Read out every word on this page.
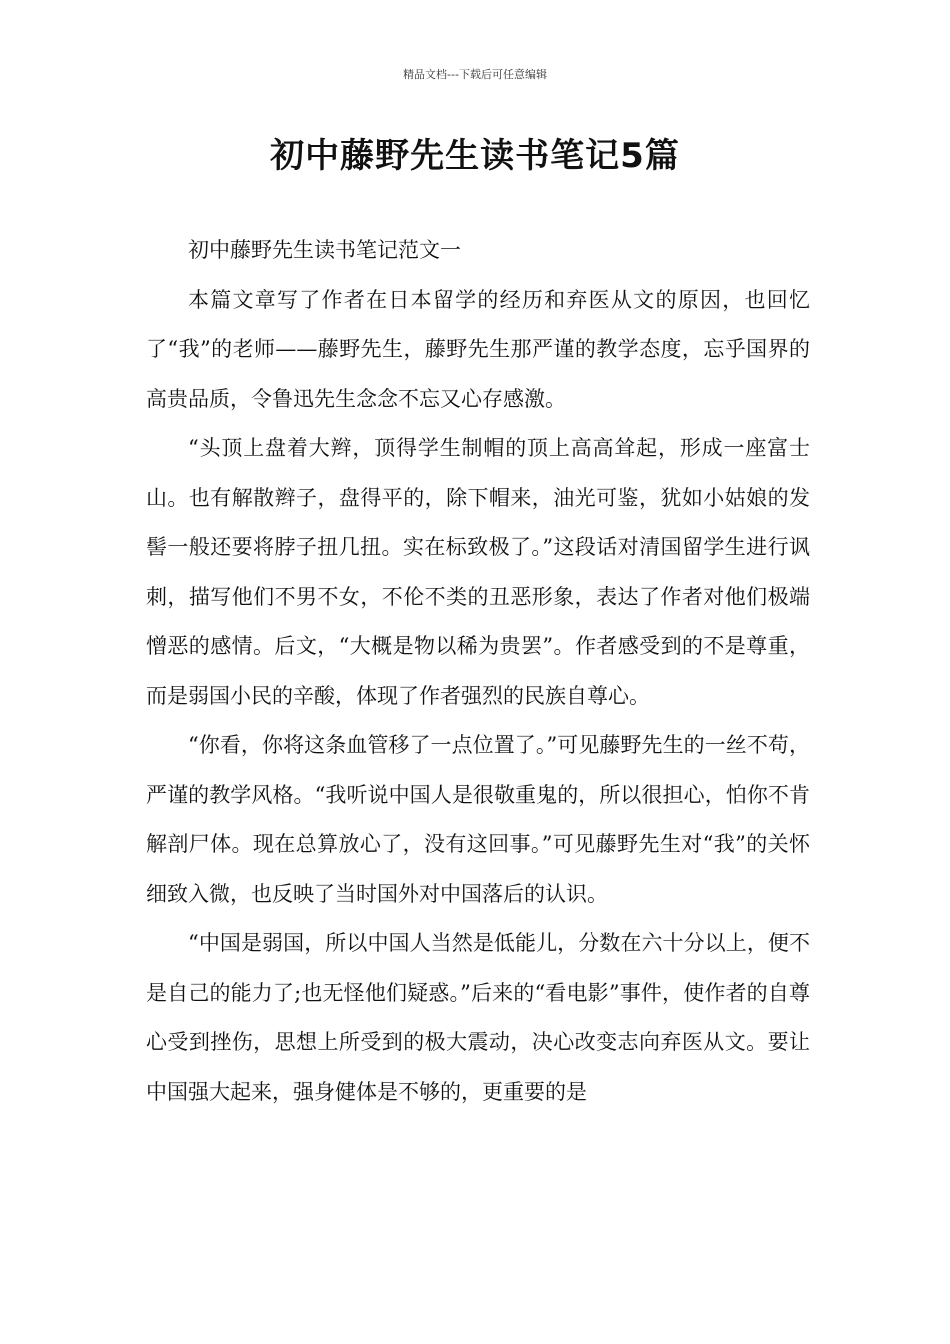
精品文档---下载后可任意编辑
初中藤野先生读书笔记5篇

初中藤野先生读书笔记范文一

本篇文章写了作者在日本留学的经历和弃医从文的原因，也回忆了“我”的老师——藤野先生，藤野先生那严谨的教学态度，忘乎国界的高贵品质，令鲁迅先生念念不忘又心存感激。

“头顶上盘着大辫，顶得学生制帽的顶上高高耸起，形成一座富士山。也有解散辫子，盘得平的，除下帽来，油光可鉴，犹如小姑娘的发髻一般还要将脖子扭几扭。实在标致极了。”这段话对清国留学生进行讽刺，描写他们不男不女，不伦不类的丑恶形象，表达了作者对他们极端憎恶的感情。后文，“大概是物以稀为贵罢”。作者感受到的不是尊重，而是弱国小民的辛酸，体现了作者强烈的民族自尊心。

“你看，你将这条血管移了一点位置了。”可见藤野先生的一丝不苟，严谨的教学风格。“我听说中国人是很敬重鬼的，所以很担心，怕你不肯解剖尸体。现在总算放心了，没有这回事。”可见藤野先生对“我”的关怀细致入微，也反映了当时国外对中国落后的认识。

“中国是弱国，所以中国人当然是低能儿，分数在六十分以上，便不是自己的能力了;也无怪他们疑惑。”后来的“看电影”事件，使作者的自尊心受到挫伤，思想上所受到的极大震动，决心改变志向弃医从文。要让中国强大起来，强身健体是不够的，更重要的是
